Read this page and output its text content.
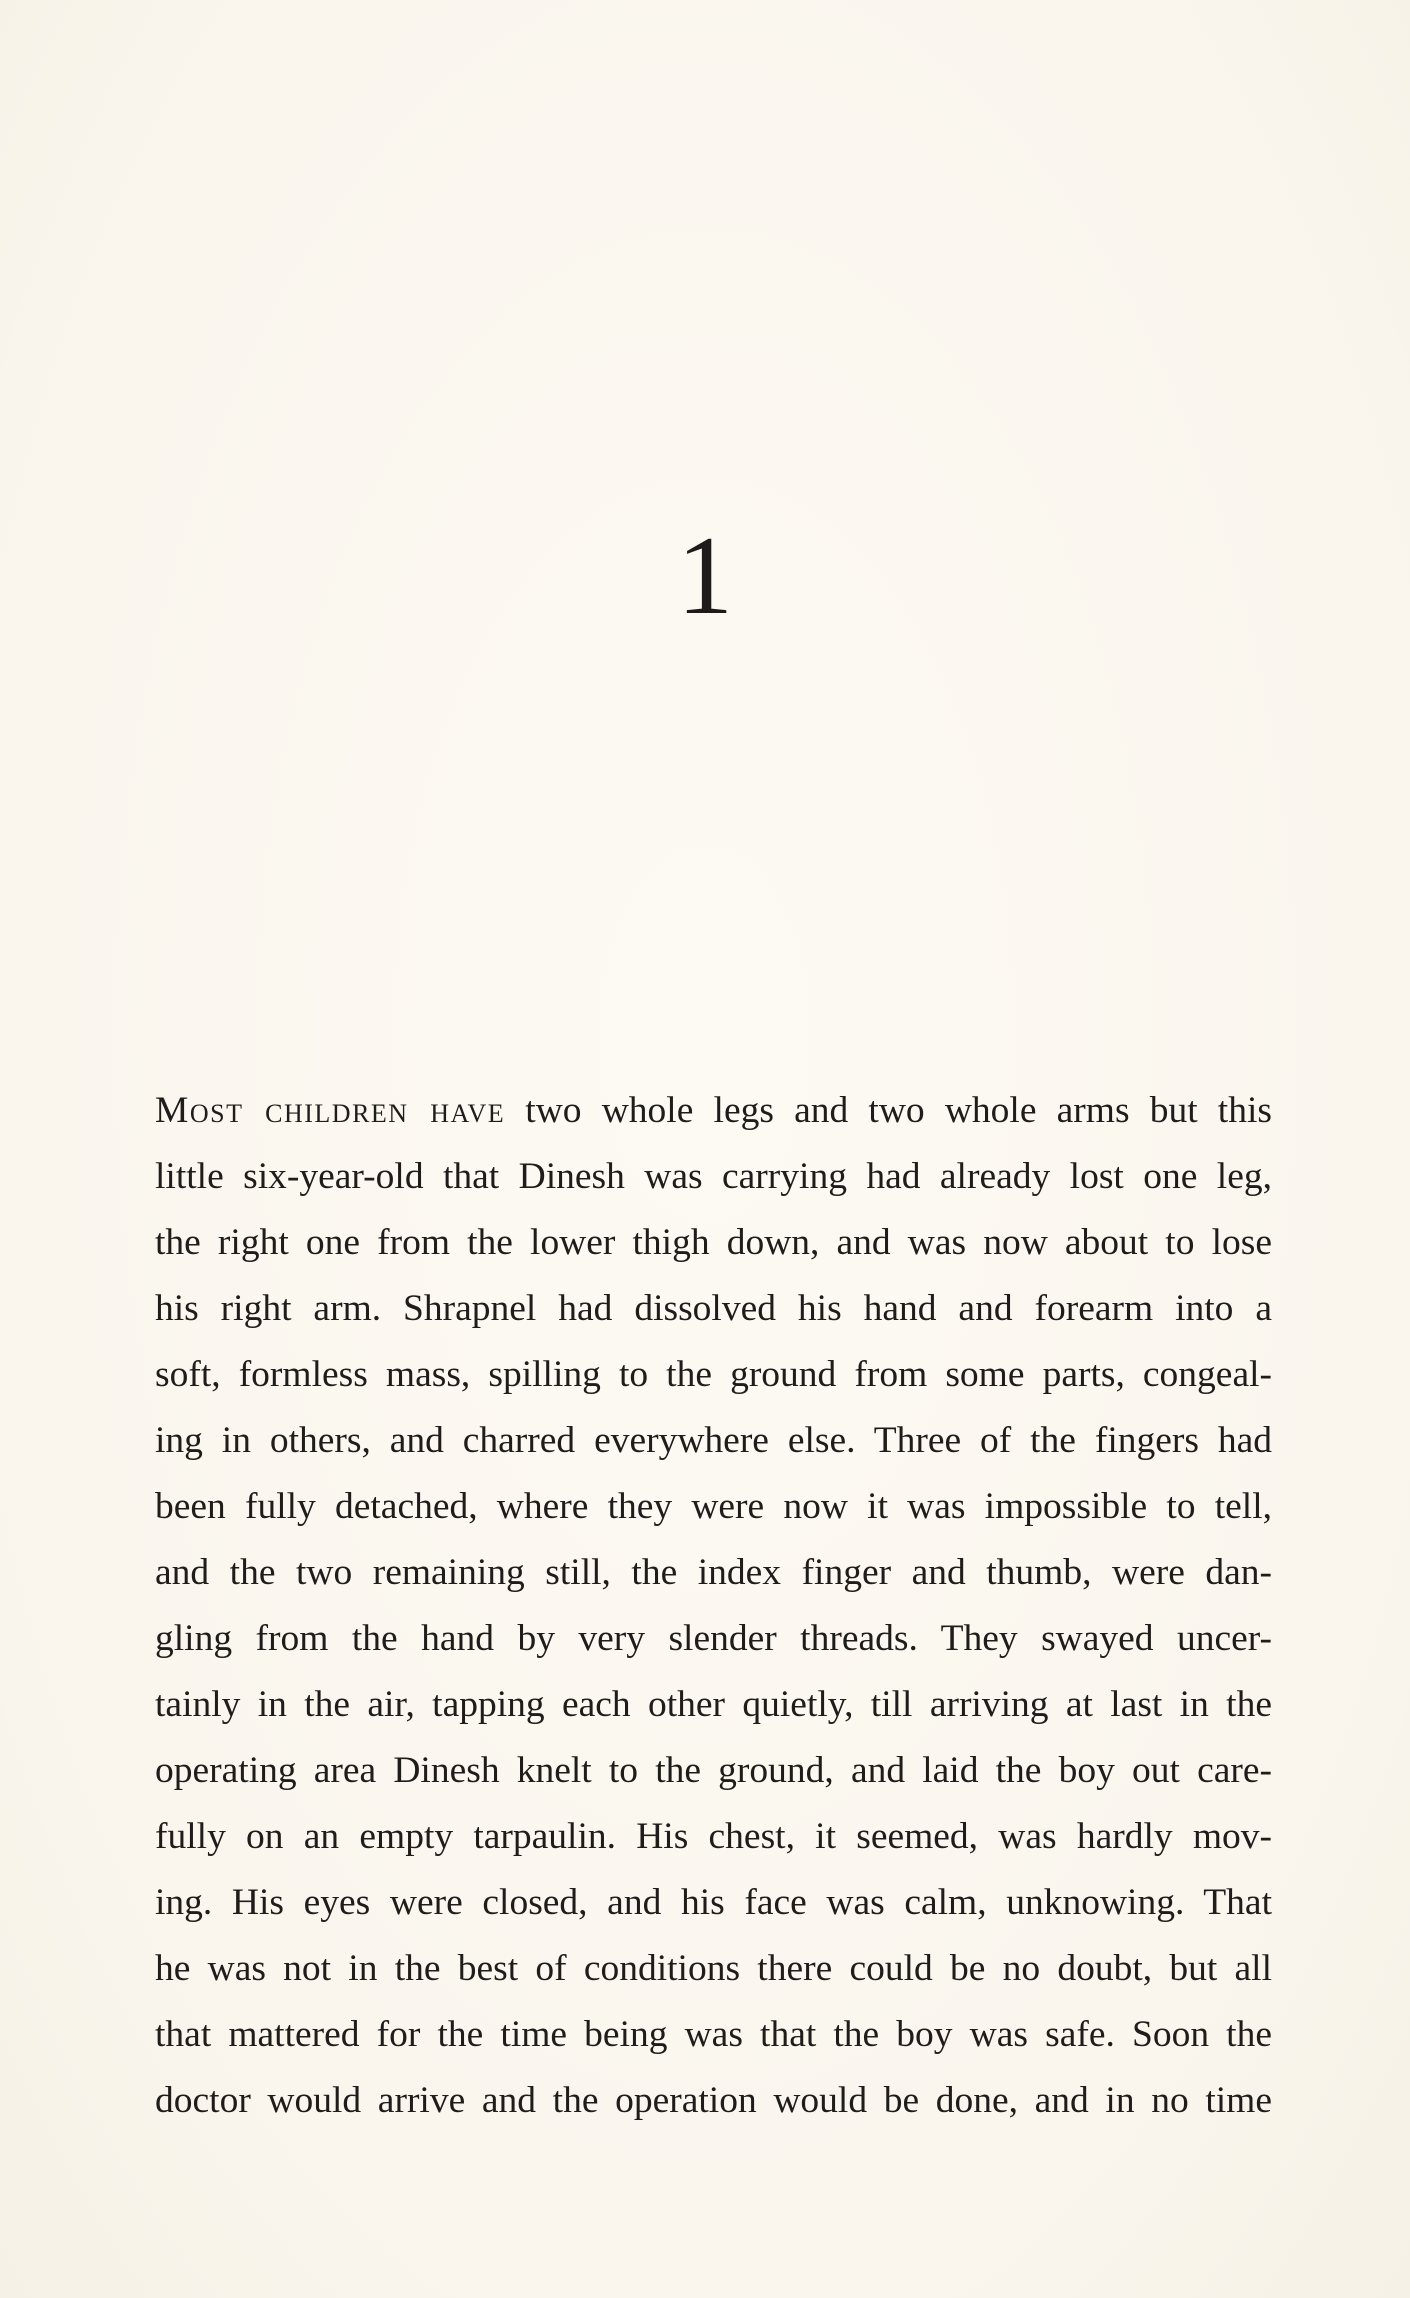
1
Most children have two whole legs and two whole arms but this
little six-year-old that Dinesh was carrying had already lost one leg,
the right one from the lower thigh down, and was now about to lose
his right arm. Shrapnel had dissolved his hand and forearm into a
soft, formless mass, spilling to the ground from some parts, congeal-
ing in others, and charred everywhere else. Three of the fingers had
been fully detached, where they were now it was impossible to tell,
and the two remaining still, the index finger and thumb, were dan-
gling from the hand by very slender threads. They swayed uncer-
tainly in the air, tapping each other quietly, till arriving at last in the
operating area Dinesh knelt to the ground, and laid the boy out care-
fully on an empty tarpaulin. His chest, it seemed, was hardly mov-
ing. His eyes were closed, and his face was calm, unknowing. That
he was not in the best of conditions there could be no doubt, but all
that mattered for the time being was that the boy was safe. Soon the
doctor would arrive and the operation would be done, and in no time
